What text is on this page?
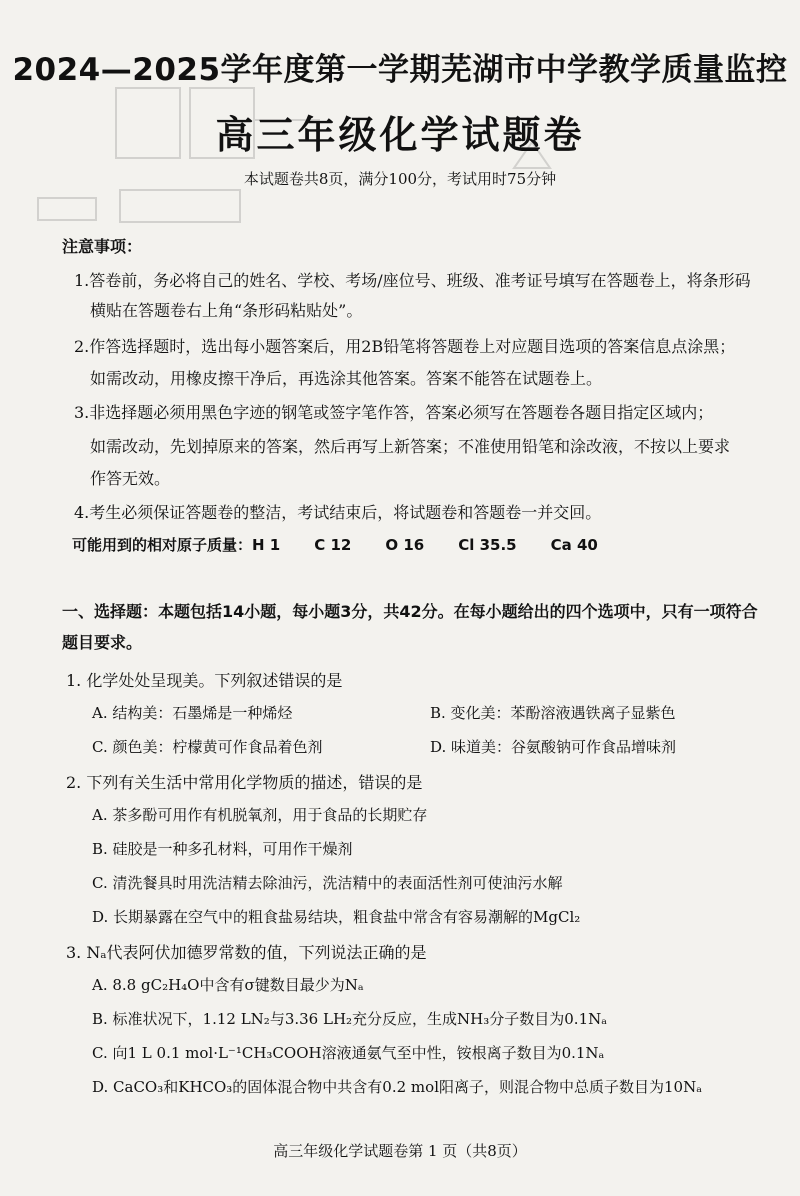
2024—2025学年度第一学期芜湖市中学教学质量监控
高三年级化学试题卷
本试题卷共8页，满分100分，考试用时75分钟
注意事项：
1.答卷前，务必将自己的姓名、学校、考场/座位号、班级、准考证号填写在答题卷上，将条形码
横贴在答题卷右上角“条形码粘贴处”。
2.作答选择题时，选出每小题答案后，用2B铅笔将答题卷上对应题目选项的答案信息点涂黑；
如需改动，用橡皮擦干净后，再选涂其他答案。答案不能答在试题卷上。
3.非选择题必须用黑色字迹的钢笔或签字笔作答，答案必须写在答题卷各题目指定区域内；
如需改动，先划掉原来的答案，然后再写上新答案；不准使用铅笔和涂改液，不按以上要求
作答无效。
4.考生必须保证答题卷的整洁，考试结束后，将试题卷和答题卷一并交回。
可能用到的相对原子质量：H 1 C 12 O 16 Cl 35.5 Ca 40
一、选择题：本题包括14小题，每小题3分，共42分。在每小题给出的四个选项中，只有一项符合
题目要求。
1. 化学处处呈现美。下列叙述错误的是
A. 结构美：石墨烯是一种烯烃	B. 变化美：苯酚溶液遇铁离子显紫色
C. 颜色美：柠檬黄可作食品着色剂	D. 味道美：谷氨酸钠可作食品增味剂
2. 下列有关生活中常用化学物质的描述，错误的是
A. 茶多酚可用作有机脱氧剂，用于食品的长期贮存
B. 硅胶是一种多孔材料，可用作干燥剂
C. 清洗餐具时用洗洁精去除油污，洗洁精中的表面活性剂可使油污水解
D. 长期暴露在空气中的粗食盐易结块，粗食盐中常含有容易潮解的MgCl₂
3. Nₐ代表阿伏加德罗常数的值，下列说法正确的是
A. 8.8 gC₂H₄O中含有σ键数目最少为Nₐ
B. 标准状况下，1.12 LN₂与3.36 LH₂充分反应，生成NH₃分子数目为0.1Nₐ
C. 向1 L 0.1 mol·L⁻¹CH₃COOH溶液通氨气至中性，铵根离子数目为0.1Nₐ
D. CaCO₃和KHCO₃的固体混合物中共含有0.2 mol阳离子，则混合物中总质子数目为10Nₐ
高三年级化学试题卷第 1 页（共8页）
